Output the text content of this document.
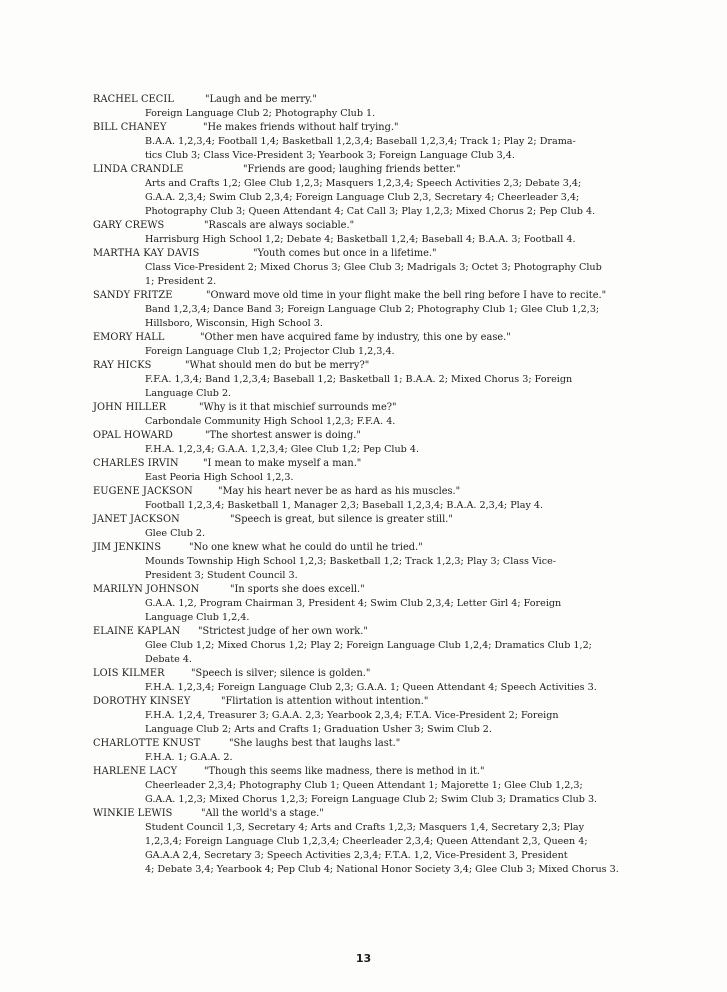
RACHEL CECIL	"Laugh and be merry."
Foreign Language Club 2; Photography Club 1.
BILL CHANEY	"He makes friends without half trying."
B.A.A. 1,2,3,4; Football 1,4; Basketball 1,2,3,4; Baseball 1,2,3,4; Track 1; Play 2; Drama-
tics Club 3; Class Vice-President 3; Yearbook 3; Foreign Language Club 3,4.
LINDA CRANDLE	"Friends are good; laughing friends better."
Arts and Crafts 1,2; Glee Club 1,2,3; Masquers 1,2,3,4; Speech Activities 2,3; Debate 3,4;
G.A.A. 2,3,4; Swim Club 2,3,4; Foreign Language Club 2,3, Secretary 4; Cheerleader 3,4;
Photography Club 3; Queen Attendant 4; Cat Call 3; Play 1,2,3; Mixed Chorus 2; Pep Club 4.
GARY CREWS	"Rascals are always sociable."
Harrisburg High School 1,2; Debate 4; Basketball 1,2,4; Baseball 4; B.A.A. 3; Football 4.
MARTHA KAY DAVIS	"Youth comes but once in a lifetime."
Class Vice-President 2; Mixed Chorus 3; Glee Club 3; Madrigals 3; Octet 3; Photography Club
1; President 2.
SANDY FRITZE	"Onward move old time in your flight make the bell ring before I have to recite."
Band 1,2,3,4; Dance Band 3; Foreign Language Club 2; Photography Club 1; Glee Club 1,2,3;
Hillsboro, Wisconsin, High School 3.
EMORY HALL	"Other men have acquired fame by industry, this one by ease."
Foreign Language Club 1,2; Projector Club 1,2,3,4.
RAY HICKS	"What should men do but be merry?"
F.F.A. 1,3,4; Band 1,2,3,4; Baseball 1,2; Basketball 1; B.A.A. 2; Mixed Chorus 3; Foreign
Language Club 2.
JOHN HILLER	"Why is it that mischief surrounds me?"
Carbondale Community High School 1,2,3; F.F.A. 4.
OPAL HOWARD	"The shortest answer is doing."
F.H.A. 1,2,3,4; G.A.A. 1,2,3,4; Glee Club 1,2; Pep Club 4.
CHARLES IRVIN	"I mean to make myself a man."
East Peoria High School 1,2,3.
EUGENE JACKSON	"May his heart never be as hard as his muscles."
Football 1,2,3,4; Basketball 1, Manager 2,3; Baseball 1,2,3,4; B.A.A. 2,3,4; Play 4.
JANET JACKSON	"Speech is great, but silence is greater still."
Glee Club 2.
JIM JENKINS	"No one knew what he could do until he tried."
Mounds Township High School 1,2,3; Basketball 1,2; Track 1,2,3; Play 3; Class Vice-
President 3; Student Council 3.
MARILYN JOHNSON	"In sports she does excell."
G.A.A. 1,2, Program Chairman 3, President 4; Swim Club 2,3,4; Letter Girl 4; Foreign
Language Club 1,2,4.
ELAINE KAPLAN	"Strictest judge of her own work."
Glee Club 1,2; Mixed Chorus 1,2; Play 2; Foreign Language Club 1,2,4; Dramatics Club 1,2;
Debate 4.
LOIS KILMER	"Speech is silver; silence is golden."
F.H.A. 1,2,3,4; Foreign Language Club 2,3; G.A.A. 1; Queen Attendant 4; Speech Activities 3.
DOROTHY KINSEY	"Flirtation is attention without intention."
F.H.A. 1,2,4, Treasurer 3; G.A.A. 2,3; Yearbook 2,3,4; F.T.A. Vice-President 2; Foreign
Language Club 2; Arts and Crafts 1; Graduation Usher 3; Swim Club 2.
CHARLOTTE KNUST	"She laughs best that laughs last."
F.H.A. 1; G.A.A. 2.
HARLENE LACY	"Though this seems like madness, there is method in it."
Cheerleader 2,3,4; Photography Club 1; Queen Attendant 1; Majorette 1; Glee Club 1,2,3;
G.A.A. 1,2,3; Mixed Chorus 1,2,3; Foreign Language Club 2; Swim Club 3; Dramatics Club 3.
WINKIE LEWIS	"All the world's a stage."
Student Council 1,3, Secretary 4; Arts and Crafts 1,2,3; Masquers 1,4, Secretary 2,3; Play
1,2,3,4; Foreign Language Club 1,2,3,4; Cheerleader 2,3,4; Queen Attendant 2,3, Queen 4;
GA.A.A 2,4, Secretary 3; Speech Activities 2,3,4; F.T.A. 1,2, Vice-President 3, President
4; Debate 3,4; Yearbook 4; Pep Club 4; National Honor Society 3,4; Glee Club 3; Mixed Chorus 3.
13
